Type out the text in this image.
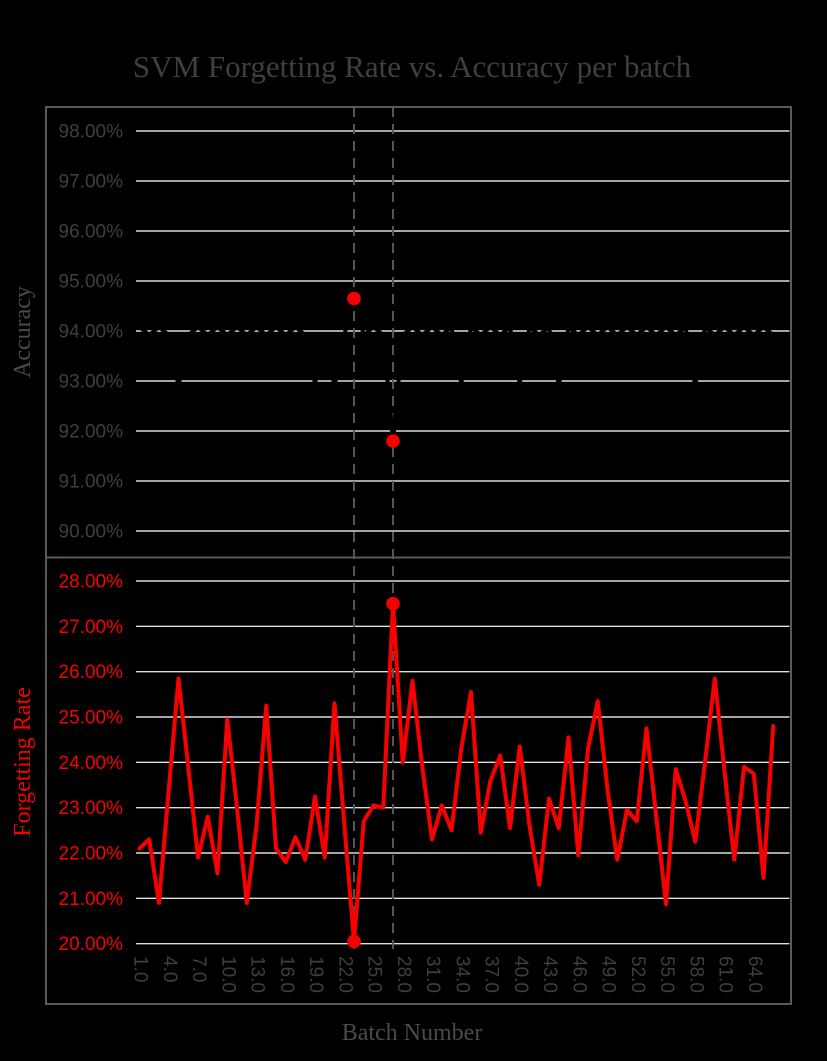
SVM Forgetting Rate vs. Accuracy per batch
98.00%
97.00%
96.00%
95.00%
94.00%
93.00%
92.00%
91.00%
90.00%
28.00%
27.00%
26.00%
25.00%
24.00%
23.00%
22.00%
21.00%
20.00%
1.0 4.0 7.0 10.0 13.0 16.0 19.0 22.0 25.0 28.0 31.0 34.0 37.0 40.0 43.0 46.0 49.0 52.0 55.0 58.0 61.0 64.0
Accuracy
Forgetting Rate
Batch Number
